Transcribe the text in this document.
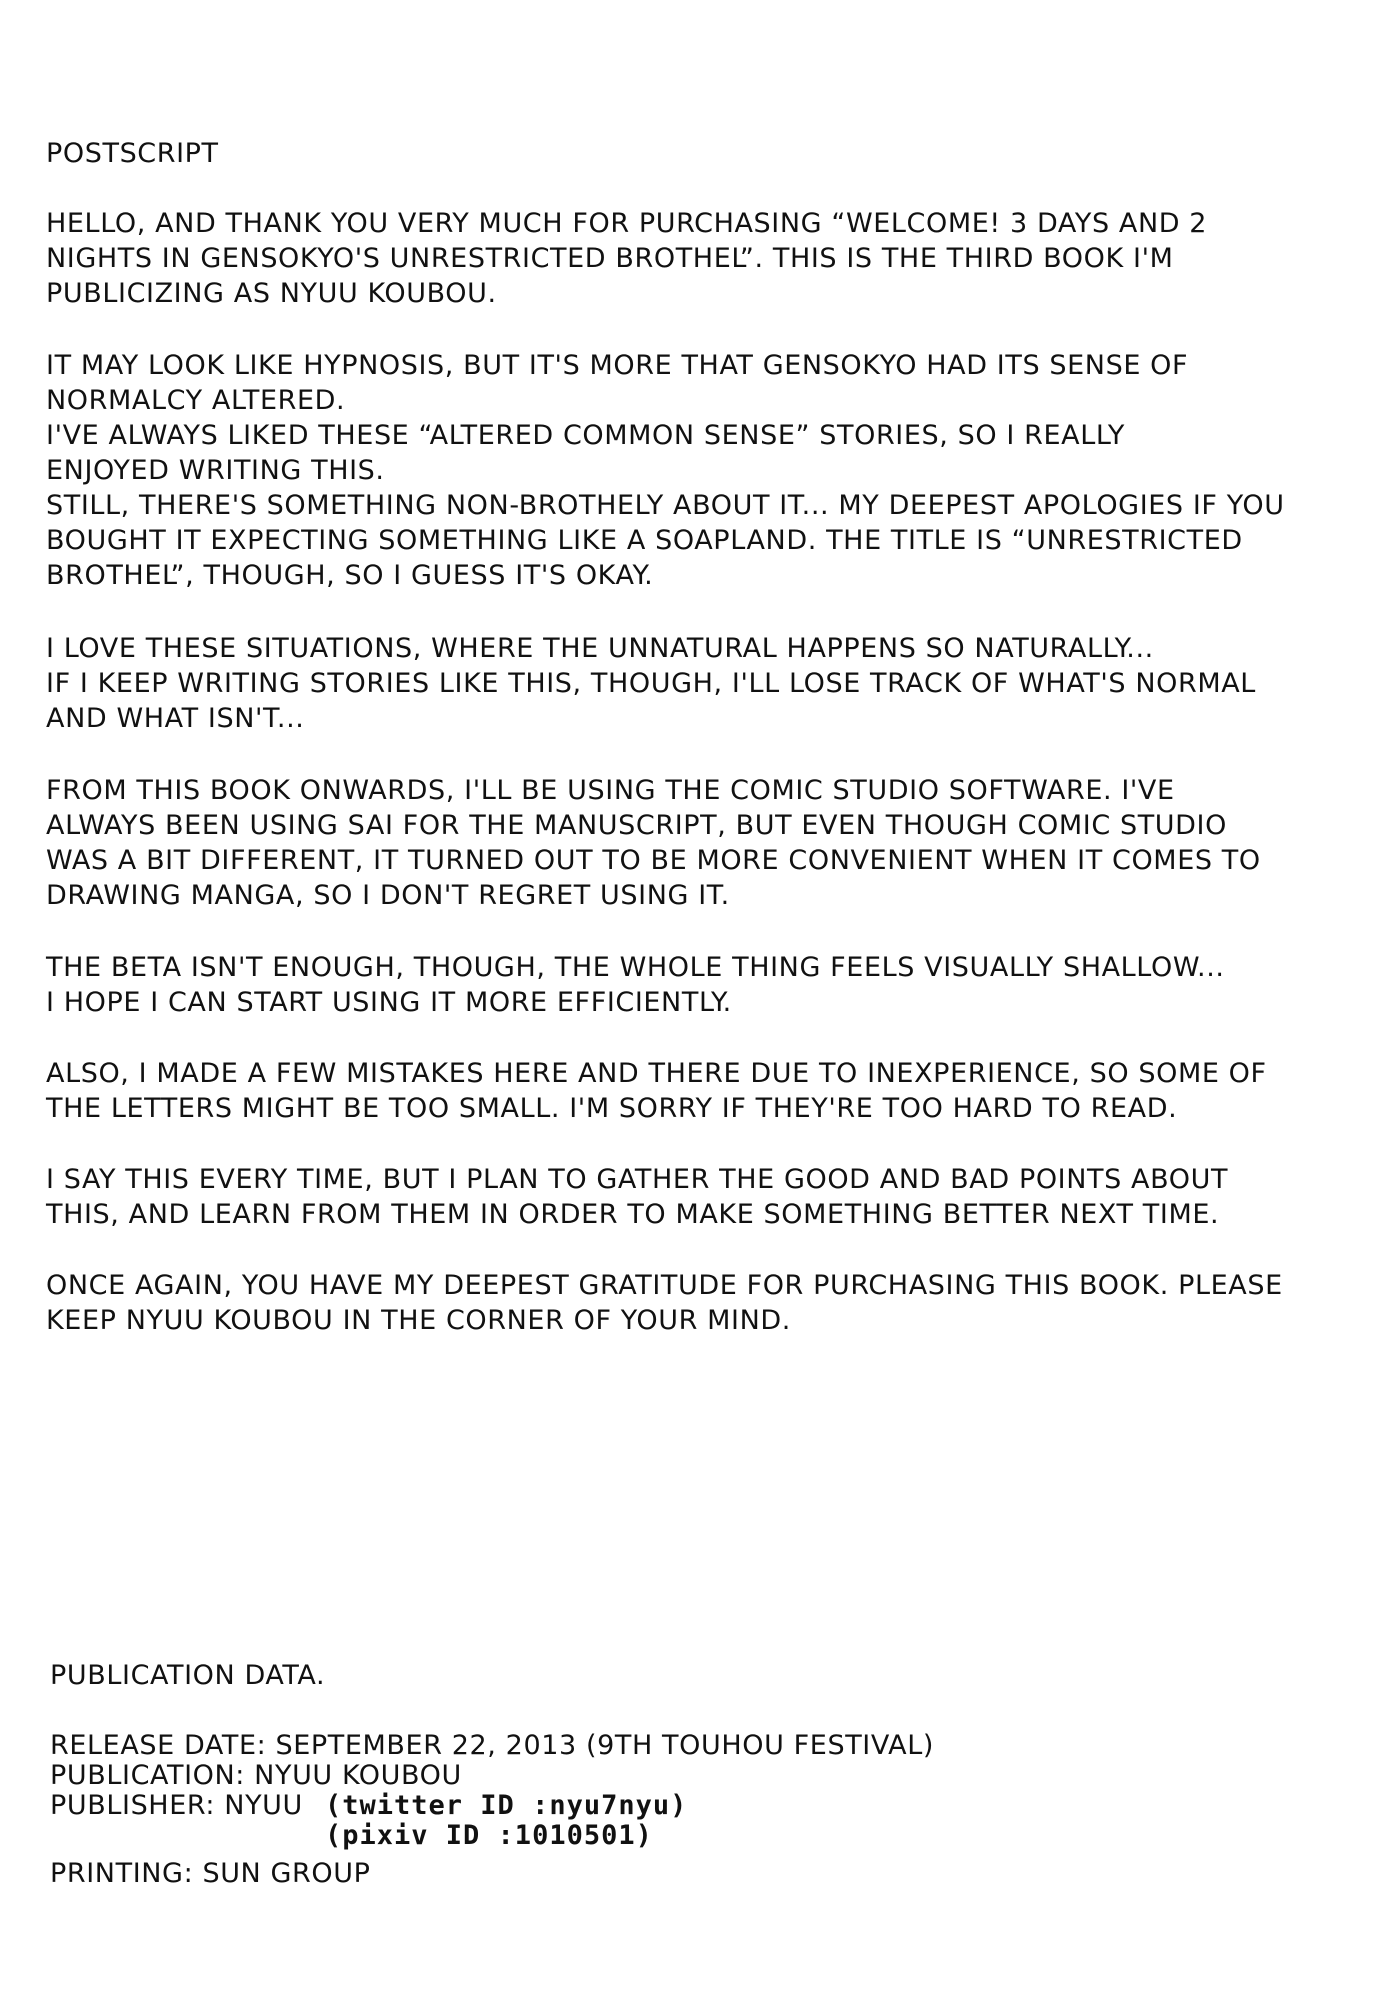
POSTSCRIPT
HELLO, AND THANK YOU VERY MUCH FOR PURCHASING “WELCOME! 3 DAYS AND 2
NIGHTS IN GENSOKYO'S UNRESTRICTED BROTHEL”. THIS IS THE THIRD BOOK I'M
PUBLICIZING AS NYUU KOUBOU.
IT MAY LOOK LIKE HYPNOSIS, BUT IT'S MORE THAT GENSOKYO HAD ITS SENSE OF
NORMALCY ALTERED.
I'VE ALWAYS LIKED THESE “ALTERED COMMON SENSE” STORIES, SO I REALLY
ENJOYED WRITING THIS.
STILL, THERE'S SOMETHING NON-BROTHELY ABOUT IT... MY DEEPEST APOLOGIES IF YOU
BOUGHT IT EXPECTING SOMETHING LIKE A SOAPLAND. THE TITLE IS “UNRESTRICTED
BROTHEL”, THOUGH, SO I GUESS IT'S OKAY.
I LOVE THESE SITUATIONS, WHERE THE UNNATURAL HAPPENS SO NATURALLY...
IF I KEEP WRITING STORIES LIKE THIS, THOUGH, I'LL LOSE TRACK OF WHAT'S NORMAL
AND WHAT ISN'T...
FROM THIS BOOK ONWARDS, I'LL BE USING THE COMIC STUDIO SOFTWARE. I'VE
ALWAYS BEEN USING SAI FOR THE MANUSCRIPT, BUT EVEN THOUGH COMIC STUDIO
WAS A BIT DIFFERENT, IT TURNED OUT TO BE MORE CONVENIENT WHEN IT COMES TO
DRAWING MANGA, SO I DON'T REGRET USING IT.
THE BETA ISN'T ENOUGH, THOUGH, THE WHOLE THING FEELS VISUALLY SHALLOW...
I HOPE I CAN START USING IT MORE EFFICIENTLY.
ALSO, I MADE A FEW MISTAKES HERE AND THERE DUE TO INEXPERIENCE, SO SOME OF
THE LETTERS MIGHT BE TOO SMALL. I'M SORRY IF THEY'RE TOO HARD TO READ.
I SAY THIS EVERY TIME, BUT I PLAN TO GATHER THE GOOD AND BAD POINTS ABOUT
THIS, AND LEARN FROM THEM IN ORDER TO MAKE SOMETHING BETTER NEXT TIME.
ONCE AGAIN, YOU HAVE MY DEEPEST GRATITUDE FOR PURCHASING THIS BOOK. PLEASE
KEEP NYUU KOUBOU IN THE CORNER OF YOUR MIND.
PUBLICATION DATA.
RELEASE DATE: SEPTEMBER 22, 2013 (9TH TOUHOU FESTIVAL)
PUBLICATION: NYUU KOUBOU
PUBLISHER: NYUU (twitter ID :nyu7nyu)
(pixiv ID :1010501)
PRINTING: SUN GROUP
